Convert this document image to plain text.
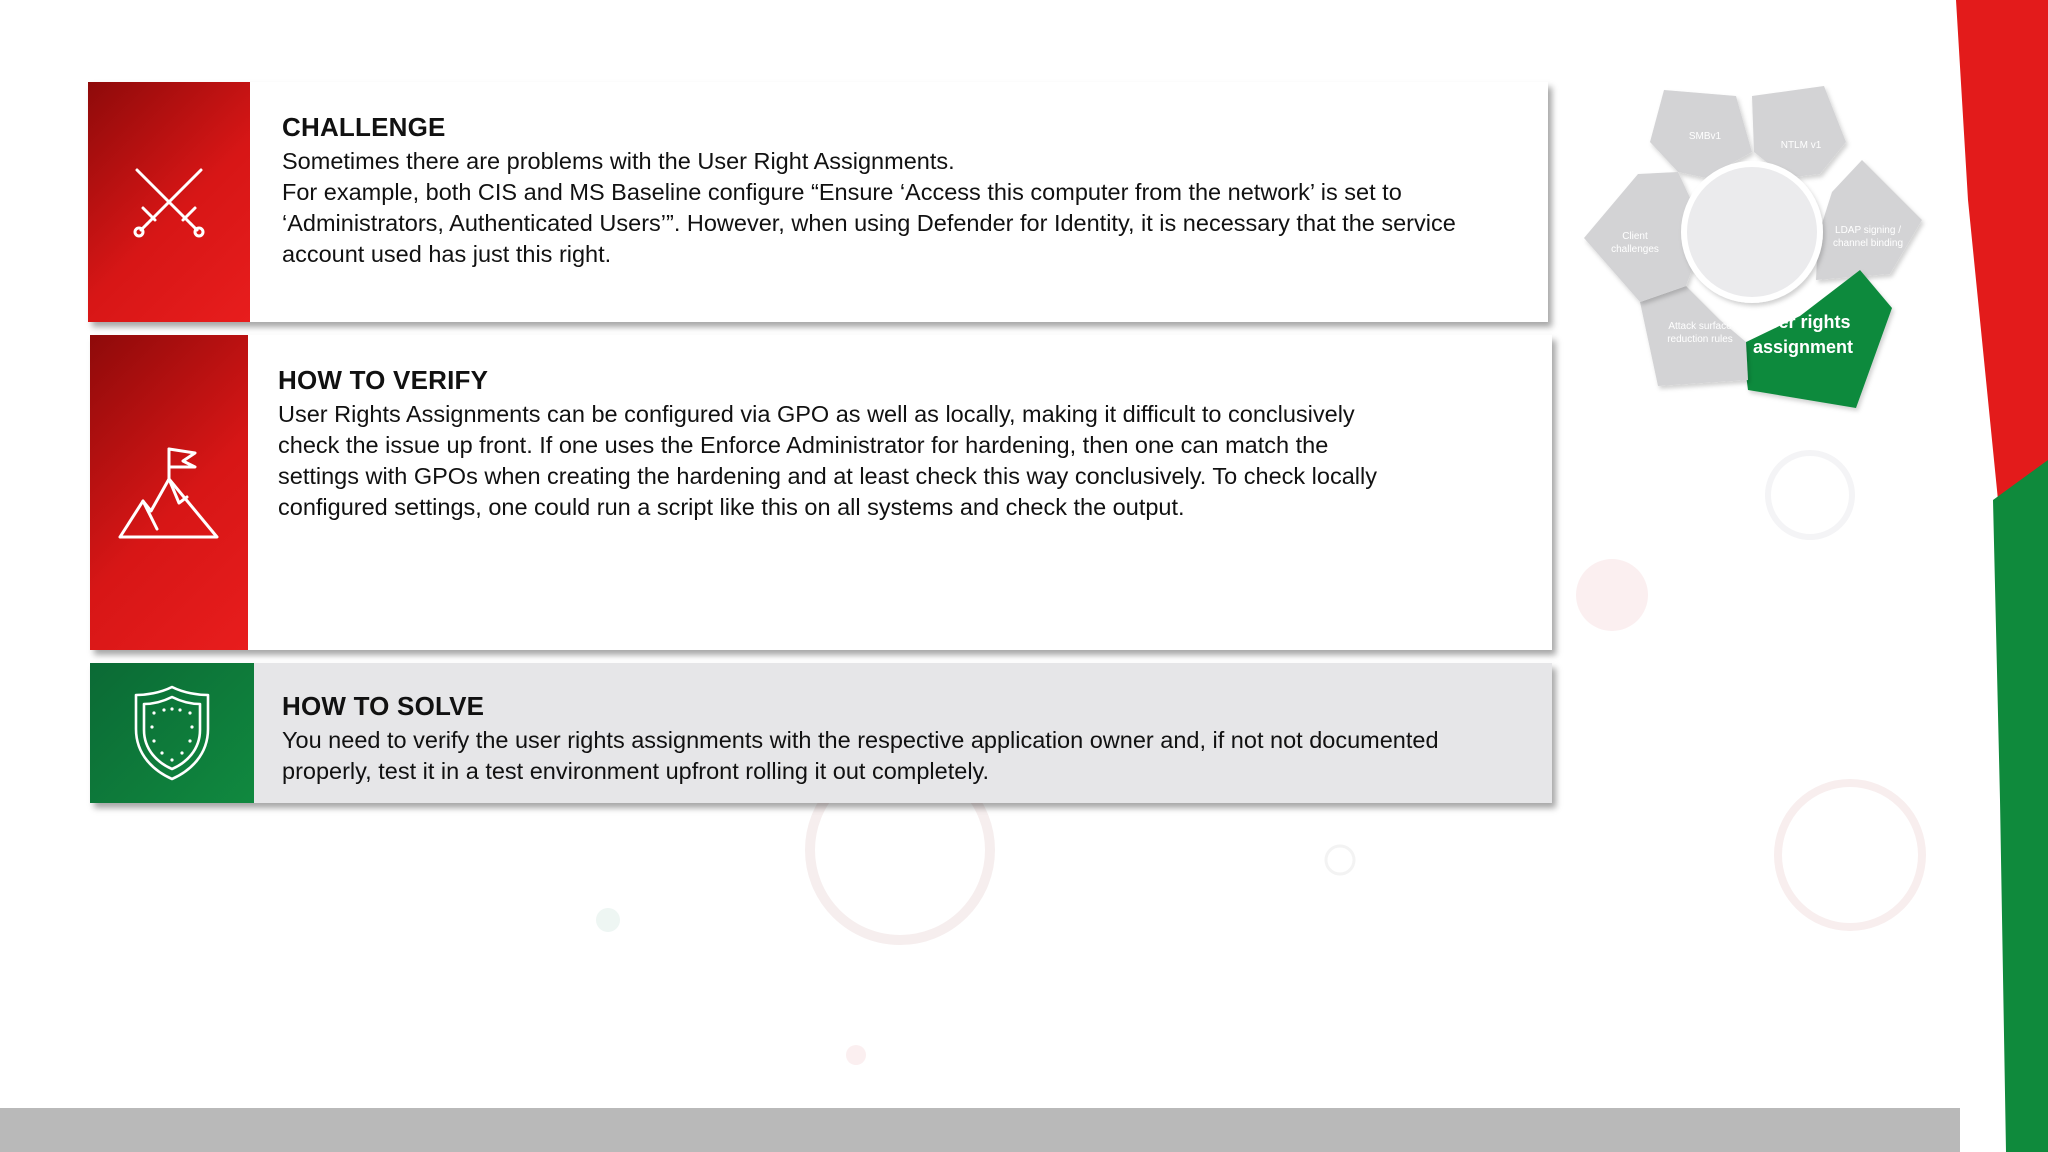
CHALLENGE

Sometimes there are problems with the User Right Assignments.
For example, both CIS and MS Baseline configure “Ensure ‘Access this computer from the network’ is set to
‘Administrators, Authenticated Users’”. However, when using Defender for Identity, it is necessary that the service
account used has just this right.

HOW TO VERIFY

User Rights Assignments can be configured via GPO as well as locally, making it difficult to conclusively
check the issue up front. If one uses the Enforce Administrator for hardening, then one can match the
settings with GPOs when creating the hardening and at least check this way conclusively. To check locally
configured settings, one could run a script like this on all systems and check the output.

HOW TO SOLVE

You need to verify the user rights assignments with the respective application owner and, if not not documented
properly, test it in a test environment upfront rolling it out completely.

SMBv1
NTLM v1
LDAP signing /
channel binding
User rights
assignment
Attack surface
reduction rules
Client
challenges
